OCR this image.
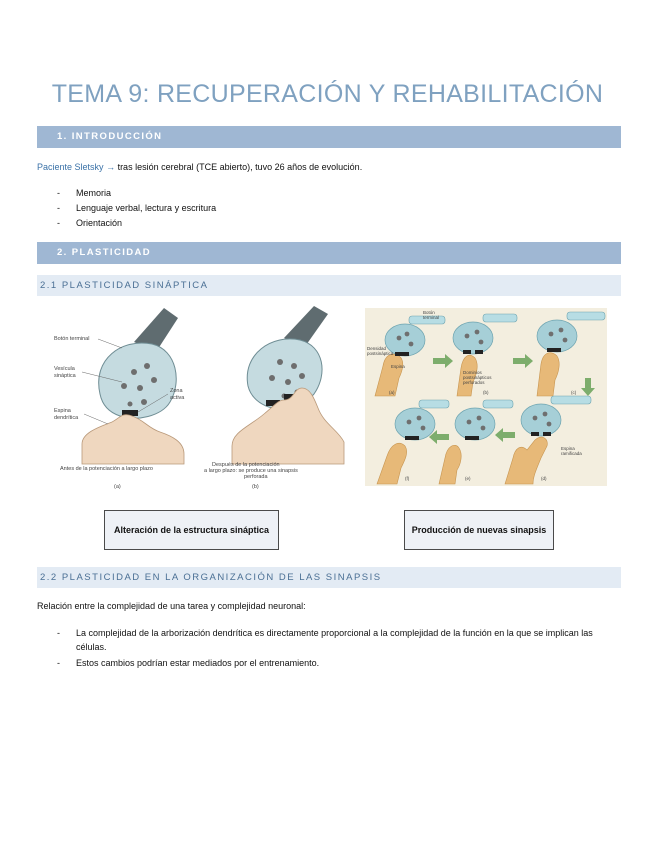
TEMA 9: RECUPERACIÓN Y REHABILITACIÓN
1. INTRODUCCIÓN

Paciente Sletsky → tras lesión cerebral (TCE abierto), tuvo 26 años de evolución.

- Memoria
- Lenguaje verbal, lectura y escritura
- Orientación
2. PLASTICIDAD
2.1 PLASTICIDAD SINÁPTICA
Botón terminal
Vesícula
sináptica
Zona
activa
Espina
dendrítica
Antes de la potenciación a largo plazo
Después de la potenciación
a largo plazo: se produce una sinapsis
perforada
(a)	(b)
Botón
terminal
Densidad
postsináptica
Espina
Dominios
postsinápticos
perforados
Espina
ramificada
(a)	(b)	(c)
(d)
(e)
(f)
Alteración de la estructura sináptica	Producción de nuevas sinapsis
2.2 PLASTICIDAD EN LA ORGANIZACIÓN DE LAS SINAPSIS

Relación entre la complejidad de una tarea y complejidad neuronal:

- La complejidad de la arborización dendrítica es directamente proporcional a la complejidad de la función en la que se implican las células.
- Estos cambios podrían estar mediados por el entrenamiento.
